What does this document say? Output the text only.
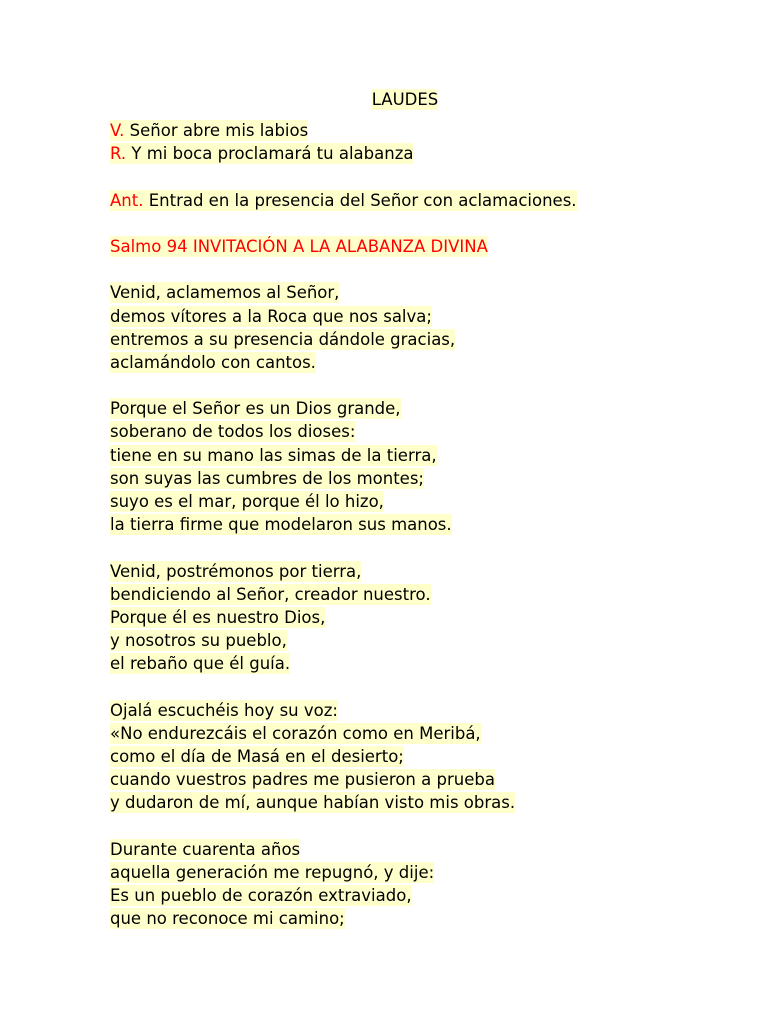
LAUDES
V. Señor abre mis labios
R. Y mi boca proclamará tu alabanza
Ant. Entrad en la presencia del Señor con aclamaciones.
Salmo 94 INVITACIÓN A LA ALABANZA DIVINA
Venid, aclamemos al Señor,
demos vítores a la Roca que nos salva;
entremos a su presencia dándole gracias,
aclamándolo con cantos.
Porque el Señor es un Dios grande,
soberano de todos los dioses:
tiene en su mano las simas de la tierra,
son suyas las cumbres de los montes;
suyo es el mar, porque él lo hizo,
la tierra firme que modelaron sus manos.
Venid, postrémonos por tierra,
bendiciendo al Señor, creador nuestro.
Porque él es nuestro Dios,
y nosotros su pueblo,
el rebaño que él guía.
Ojalá escuchéis hoy su voz:
«No endurezcáis el corazón como en Meribá,
como el día de Masá en el desierto;
cuando vuestros padres me pusieron a prueba
y dudaron de mí, aunque habían visto mis obras.
Durante cuarenta años
aquella generación me repugnó, y dije:
Es un pueblo de corazón extraviado,
que no reconoce mi camino;
